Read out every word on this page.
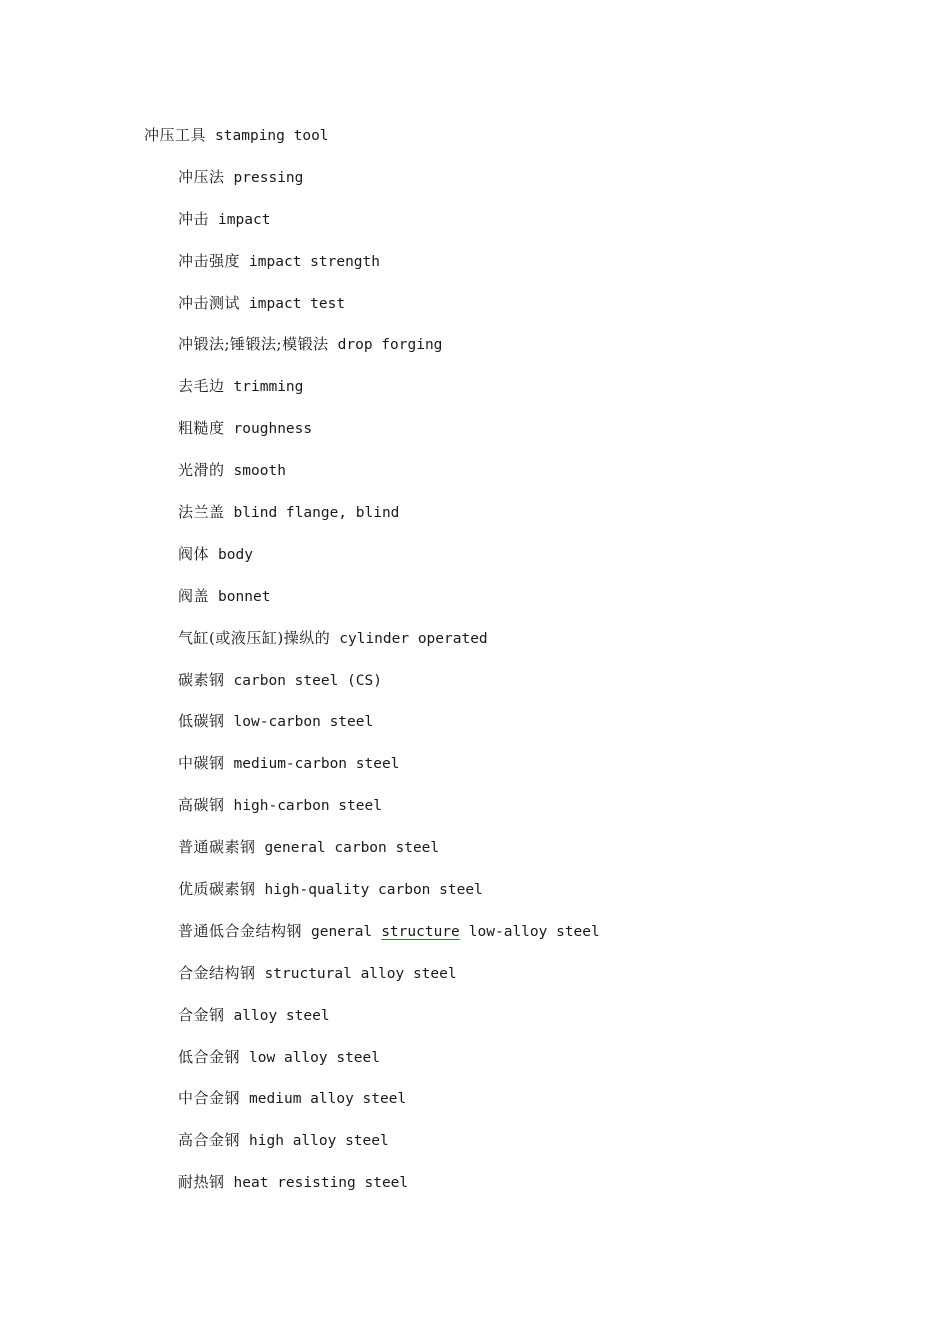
冲压工具 stamping tool
冲压法 pressing
冲击 impact
冲击强度 impact strength
冲击测试 impact test
冲锻法;锤锻法;模锻法 drop forging
去毛边 trimming
粗糙度 roughness
光滑的 smooth
法兰盖 blind flange, blind
阀体 body
阀盖 bonnet
气缸(或液压缸)操纵的 cylinder operated
碳素钢 carbon steel (CS)
低碳钢 low-carbon steel
中碳钢 medium-carbon steel
高碳钢 high-carbon steel
普通碳素钢 general carbon steel
优质碳素钢 high-quality carbon steel
普通低合金结构钢 general structure low-alloy steel
合金结构钢 structural alloy steel
合金钢 alloy steel
低合金钢 low alloy steel
中合金钢 medium alloy steel
高合金钢 high alloy steel
耐热钢 heat resisting steel
